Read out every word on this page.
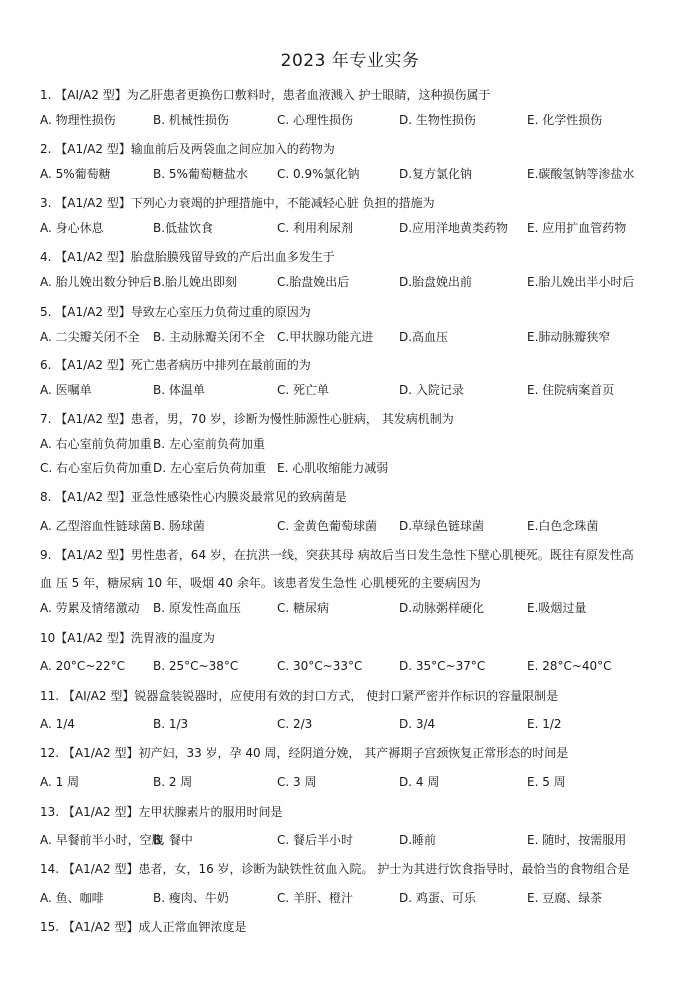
2023 年专业实务
1. 【AI/A2 型】为乙肝患者更换伤口敷料时，患者血液溅入 护士眼睛，这种损伤属于
A. 物理性损伤	B. 机械性损伤	C. 心理性损伤	D. 生物性损伤	E. 化学性损伤
2. 【A1/A2 型】输血前后及两袋血之间应加入的药物为
A. 5%葡萄糖	B. 5%葡萄糖盐水 C. 0.9%氯化钠	D.复方氯化钠	E.碳酸氢钠等渗盐水
3. 【A1/A2 型】下列心力衰竭的护理措施中，不能减轻心脏 负担的措施为
A. 身心休息	B.低盐饮食	C. 利用利尿剂	D.应用洋地黄类药物 E. 应用扩血管药物
4. 【A1/A2 型】胎盘胎膜残留导致的产后出血多发生于
A. 胎儿娩出数分钟后 B.胎儿娩出即刻	C.胎盘娩出后	D.胎盘娩出前	E.胎儿娩出半小时后
5. 【A1/A2 型】导致左心室压力负荷过重的原因为
A. 二尖瓣关闭不全 B. 主动脉瓣关闭不全 C.甲状腺功能亢进 D.高血压	E.肺动脉瓣狭窄
6. 【A1/A2 型】死亡患者病历中排列在最前面的为
A. 医嘱单	B. 体温单	C. 死亡单	D. 入院记录	E. 住院病案首页
7. 【A1/A2 型】患者，男，70 岁，诊断为慢性肺源性心脏病， 其发病机制为
A. 右心室前负荷加重 B. 左心室前负荷加重
C. 右心室后负荷加重 D. 左心室后负荷加重 E. 心肌收缩能力减弱
8. 【A1/A2 型】亚急性感染性心内膜炎最常见的致病菌是
A. 乙型溶血性链球菌 B. 肠球菌	C. 金黄色葡萄球菌 D.草绿色链球菌	E.白色念珠菌
9. 【A1/A2 型】男性患者，64 岁，在抗洪一线，突获其母 病故后当日发生急性下壁心肌梗死。既往有原发性高
血 压 5 年，糖尿病 10 年，吸烟 40 余年。该患者发生急性 心肌梗死的主要病因为
A. 劳累及情绪激动 B. 原发性高血压	C. 糖尿病	D.动脉粥样硬化	E.吸烟过量
10【A1/A2 型】洗胃液的温度为
A. 20°C~22°C B. 25°C~38°C	C. 30°C~33°C	D. 35°C~37°C	E. 28°C~40°C
11. 【AI/A2 型】锐器盒装锐器时，应使用有效的封口方式， 使封口紧严密并作标识的容量限制是
A. 1/4	B. 1/3	C. 2/3	D. 3/4	E. 1/2
12. 【A1/A2 型】初产妇，33 岁，孕 40 周，经阴道分娩， 其产褥期子宫颈恢复正常形态的时间是
A. 1 周	B. 2 周	C. 3 周	D. 4 周	E. 5 周
13. 【A1/A2 型】左甲状腺素片的服用时间是
A. 早餐前半小时，空腹
B. 餐中	C. 餐后半小时	D.睡前	E. 随时，按需服用
14. 【A1/A2 型】患者，女，16 岁，诊断为缺铁性贫血入院。 护士为其进行饮食指导时，最恰当的食物组合是
A. 鱼、咖啡	B. 瘦肉、牛奶	C. 羊肝、橙汁	D. 鸡蛋、可乐	E. 豆腐、绿茶
15. 【A1/A2 型】成人正常血钾浓度是
